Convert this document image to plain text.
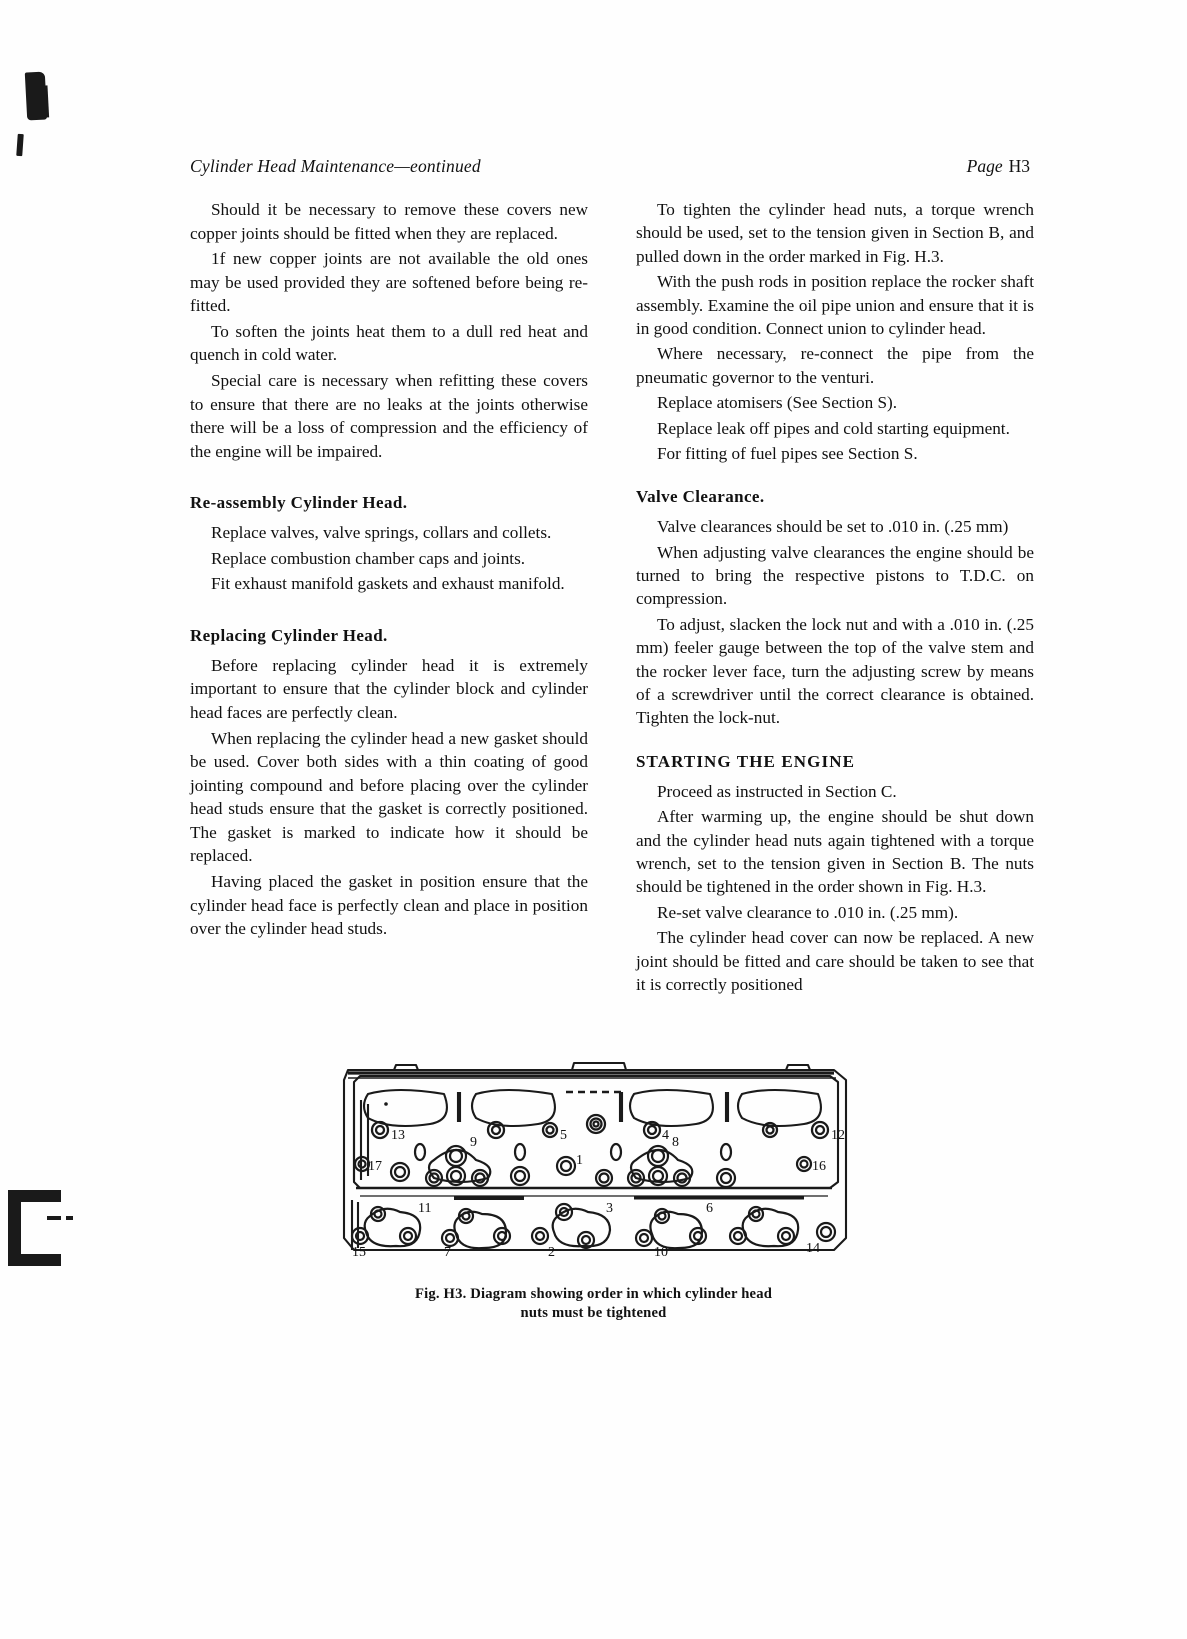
Cylinder Head Maintenance—eontinued	Page H3

Should it be necessary to remove these covers new copper joints should be fitted when they are replaced.

1f new copper joints are not available the old ones may be used provided they are softened before being re-fitted.

To soften the joints heat them to a dull red heat and quench in cold water.

Special care is necessary when refitting these covers to ensure that there are no leaks at the joints otherwise there will be a loss of compression and the efficiency of the engine will be impaired.

Re-assembly Cylinder Head.

Replace valves, valve springs, collars and collets.

Replace combustion chamber caps and joints.

Fit exhaust manifold gaskets and exhaust manifold.

Replacing Cylinder Head.

Before replacing cylinder head it is extremely important to ensure that the cylinder block and cylinder head faces are perfectly clean.

When replacing the cylinder head a new gasket should be used. Cover both sides with a thin coating of good jointing compound and before placing over the cylinder head studs ensure that the gasket is correctly positioned. The gasket is marked to indicate how it should be replaced.

Having placed the gasket in position ensure that the cylinder head face is perfectly clean and place in position over the cylinder head studs.

To tighten the cylinder head nuts, a torque wrench should be used, set to the tension given in Section B, and pulled down in the order marked in Fig. H.3.

With the push rods in position replace the rocker shaft assembly. Examine the oil pipe union and ensure that it is in good condition. Connect union to cylinder head.

Where necessary, re-connect the pipe from the pneumatic governor to the venturi.

Replace atomisers (See Section S).

Replace leak off pipes and cold starting equipment.

For fitting of fuel pipes see Section S.

Valve Clearance.

Valve clearances should be set to .010 in. (.25 mm)

When adjusting valve clearances the engine should be turned to bring the respective pistons to T.D.C. on compression.

To adjust, slacken the lock nut and with a .010 in. (.25 mm) feeler gauge between the top of the valve stem and the rocker lever face, turn the adjusting screw by means of a screwdriver until the correct clearance is obtained. Tighten the lock-nut.

STARTING THE ENGINE

Proceed as instructed in Section C.

After warming up, the engine should be shut down and the cylinder head nuts again tightened with a torque wrench, set to the tension given in Section B. The nuts should be tightened in the order shown in Fig. H.3.

Re-set valve clearance to .010 in. (.25 mm).

The cylinder head cover can now be replaced. A new joint should be fitted and care should be taken to see that it is correctly positioned

13	9	5	4 8	12
17	1	16
15
11
7
3
2
6
10	14
Fig. H3. Diagram showing order in which cylinder head
nuts must be tightened
